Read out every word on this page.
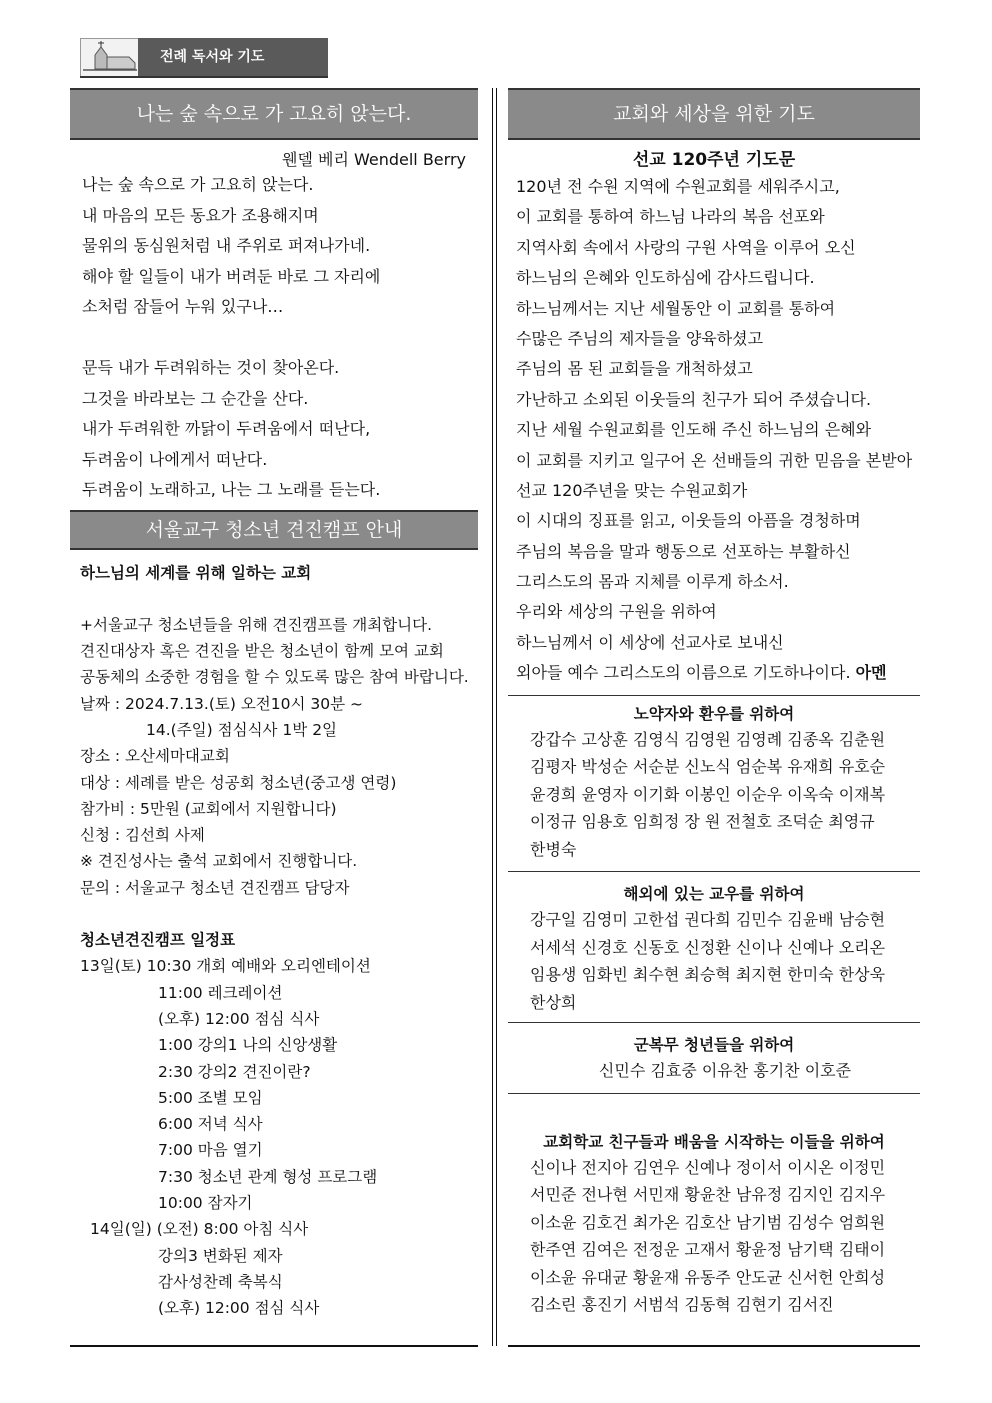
전례 독서와 기도
나는 숲 속으로 가 고요히 앉는다.
웬델 베리 Wendell Berry
나는 숲 속으로 가 고요히 앉는다.
내 마음의 모든 동요가 조용해지며
물위의 동심원처럼 내 주위로 퍼져나가네.
해야 할 일들이 내가 버려둔 바로 그 자리에
소처럼 잠들어 누워 있구나…
문득 내가 두려워하는 것이 찾아온다.
그것을 바라보는 그 순간을 산다.
내가 두려워한 까닭이 두려움에서 떠난다,
두려움이 나에게서 떠난다.
두려움이 노래하고, 나는 그 노래를 듣는다.
서울교구 청소년 견진캠프 안내
하느님의 세계를 위해 일하는 교회
+서울교구 청소년들을 위해 견진캠프를 개최합니다.
견진대상자 혹은 견진을 받은 청소년이 함께 모여 교회
공동체의 소중한 경험을 할 수 있도록 많은 참여 바랍니다.
날짜 : 2024.7.13.(토) 오전10시 30분 ~
14.(주일) 점심식사 1박 2일
장소 : 오산세마대교회
대상 : 세례를 받은 성공회 청소년(중고생 연령)
참가비 : 5만원 (교회에서 지원합니다)
신청 : 김선희 사제
※ 견진성사는 출석 교회에서 진행합니다.
문의 : 서울교구 청소년 견진캠프 담당자
청소년견진캠프 일정표
13일(토) 10:30 개회 예배와 오리엔테이션
11:00 레크레이션
(오후) 12:00 점심 식사
1:00 강의1 나의 신앙생활
2:30 강의2 견진이란?
5:00 조별 모임
6:00 저녁 식사
7:00 마음 열기
7:30 청소년 관계 형성 프로그램
10:00 잠자기
14일(일) (오전) 8:00 아침 식사
강의3 변화된 제자
감사성찬례 축복식
(오후) 12:00 점심 식사
교회와 세상을 위한 기도
선교 120주년 기도문
120년 전 수원 지역에 수원교회를 세워주시고,
이 교회를 통하여 하느님 나라의 복음 선포와
지역사회 속에서 사랑의 구원 사역을 이루어 오신
하느님의 은혜와 인도하심에 감사드립니다.
하느님께서는 지난 세월동안 이 교회를 통하여
수많은 주님의 제자들을 양육하셨고
주님의 몸 된 교회들을 개척하셨고
가난하고 소외된 이웃들의 친구가 되어 주셨습니다.
지난 세월 수원교회를 인도해 주신 하느님의 은혜와
이 교회를 지키고 일구어 온 선배들의 귀한 믿음을 본받아
선교 120주년을 맞는 수원교회가
이 시대의 징표를 읽고, 이웃들의 아픔을 경청하며
주님의 복음을 말과 행동으로 선포하는 부활하신
그리스도의 몸과 지체를 이루게 하소서.
우리와 세상의 구원을 위하여
하느님께서 이 세상에 선교사로 보내신
외아들 예수 그리스도의 이름으로 기도하나이다. 아멘
노약자와 환우를 위하여
강갑수 고상훈 김영식 김영원 김영례 김종옥 김춘원
김평자 박성순 서순분 신노식 엄순복 유재희 유호순
윤경희 윤영자 이기화 이봉인 이순우 이옥숙 이재복
이정규 임용호 임희정 장 원 전철호 조덕순 최영규
한병숙
해외에 있는 교우를 위하여
강구일 김영미 고한섭 권다희 김민수 김윤배 남승현
서세석 신경호 신동호 신정환 신이나 신예나 오리온
임용생 임화빈 최수현 최승혁 최지현 한미숙 한상욱
한상희
군복무 청년들을 위하여
신민수 김효중 이유찬 홍기찬 이호준
교회학교 친구들과 배움을 시작하는 이들을 위하여
신이나 전지아 김연우 신예나 정이서 이시온 이정민
서민준 전나현 서민재 황윤찬 남유정 김지인 김지우
이소윤 김호건 최가온 김호산 남기범 김성수 엄희원
한주연 김여은 전정운 고재서 황윤정 남기택 김태이
이소윤 유대균 황윤재 유동주 안도균 신서헌 안희성
김소린 홍진기 서범석 김동혁 김현기 김서진
